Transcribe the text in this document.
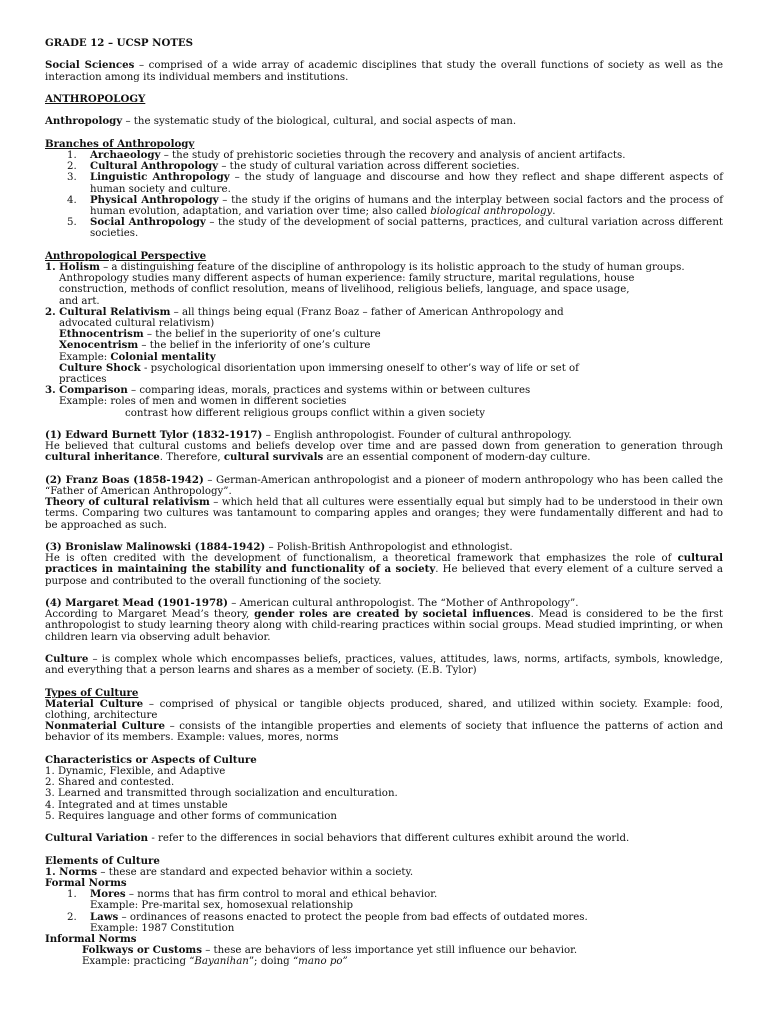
GRADE 12 – UCSP NOTES

Social Sciences – comprised of a wide array of academic disciplines that study the overall functions of society as well as the interaction among its individual members and institutions.

ANTHROPOLOGY

Anthropology – the systematic study of the biological, cultural, and social aspects of man.

Branches of Anthropology

1. Archaeology – the study of prehistoric societies through the recovery and analysis of ancient artifacts.
2. Cultural Anthropology – the study of cultural variation across different societies.
3. Linguistic Anthropology – the study of language and discourse and how they reflect and shape different aspects of human society and culture.
4. Physical Anthropology – the study if the origins of humans and the interplay between social factors and the process of human evolution, adaptation, and variation over time; also called biological anthropology.
5. Social Anthropology – the study of the development of social patterns, practices, and cultural variation across different societies.

Anthropological Perspective

1. Holism – a distinguishing feature of the discipline of anthropology is its holistic approach to the study of human groups.

Anthropology studies many different aspects of human experience: family structure, marital regulations, house

construction, methods of conflict resolution, means of livelihood, religious beliefs, language, and space usage,

and art.

2. Cultural Relativism – all things being equal (Franz Boaz – father of American Anthropology and

advocated cultural relativism)

Ethnocentrism – the belief in the superiority of one’s culture

Xenocentrism – the belief in the inferiority of one’s culture

Example: Colonial mentality

Culture Shock - psychological disorientation upon immersing oneself to other’s way of life or set of

practices

3. Comparison – comparing ideas, morals, practices and systems within or between cultures

Example: roles of men and women in different societies

contrast how different religious groups conflict within a given society

(1) Edward Burnett Tylor (1832-1917) – English anthropologist. Founder of cultural anthropology.

He believed that cultural customs and beliefs develop over time and are passed down from generation to generation through cultural inheritance. Therefore, cultural survivals are an essential component of modern-day culture.

(2) Franz Boas (1858-1942) – German-American anthropologist and a pioneer of modern anthropology who has been called the “Father of American Anthropology”.

Theory of cultural relativism – which held that all cultures were essentially equal but simply had to be understood in their own terms. Comparing two cultures was tantamount to comparing apples and oranges; they were fundamentally different and had to be approached as such.

(3) Bronislaw Malinowski (1884-1942) – Polish-British Anthropologist and ethnologist.

He is often credited with the development of functionalism, a theoretical framework that emphasizes the role of cultural practices in maintaining the stability and functionality of a society. He believed that every element of a culture served a purpose and contributed to the overall functioning of the society.

(4) Margaret Mead (1901-1978) – American cultural anthropologist. The “Mother of Anthropology”.

According to Margaret Mead’s theory, gender roles are created by societal influences. Mead is considered to be the first anthropologist to study learning theory along with child-rearing practices within social groups. Mead studied imprinting, or when children learn via observing adult behavior.

Culture – is complex whole which encompasses beliefs, practices, values, attitudes, laws, norms, artifacts, symbols, knowledge, and everything that a person learns and shares as a member of society. (E.B. Tylor)

Types of Culture

Material Culture – comprised of physical or tangible objects produced, shared, and utilized within society. Example: food, clothing, architecture

Nonmaterial Culture – consists of the intangible properties and elements of society that influence the patterns of action and behavior of its members. Example: values, mores, norms

Characteristics or Aspects of Culture

1. Dynamic, Flexible, and Adaptive

2. Shared and contested.

3. Learned and transmitted through socialization and enculturation.

4. Integrated and at times unstable

5. Requires language and other forms of communication

Cultural Variation - refer to the differences in social behaviors that different cultures exhibit around the world.

Elements of Culture

1. Norms – these are standard and expected behavior within a society.

Formal Norms

1. Mores – norms that has firm control to moral and ethical behavior.
Example: Pre-marital sex, homosexual relationship
2. Laws – ordinances of reasons enacted to protect the people from bad effects of outdated mores.
Example: 1987 Constitution

Informal Norms

Folkways or Customs – these are behaviors of less importance yet still influence our behavior.

Example: practicing “Bayanihan”; doing “mano po”
